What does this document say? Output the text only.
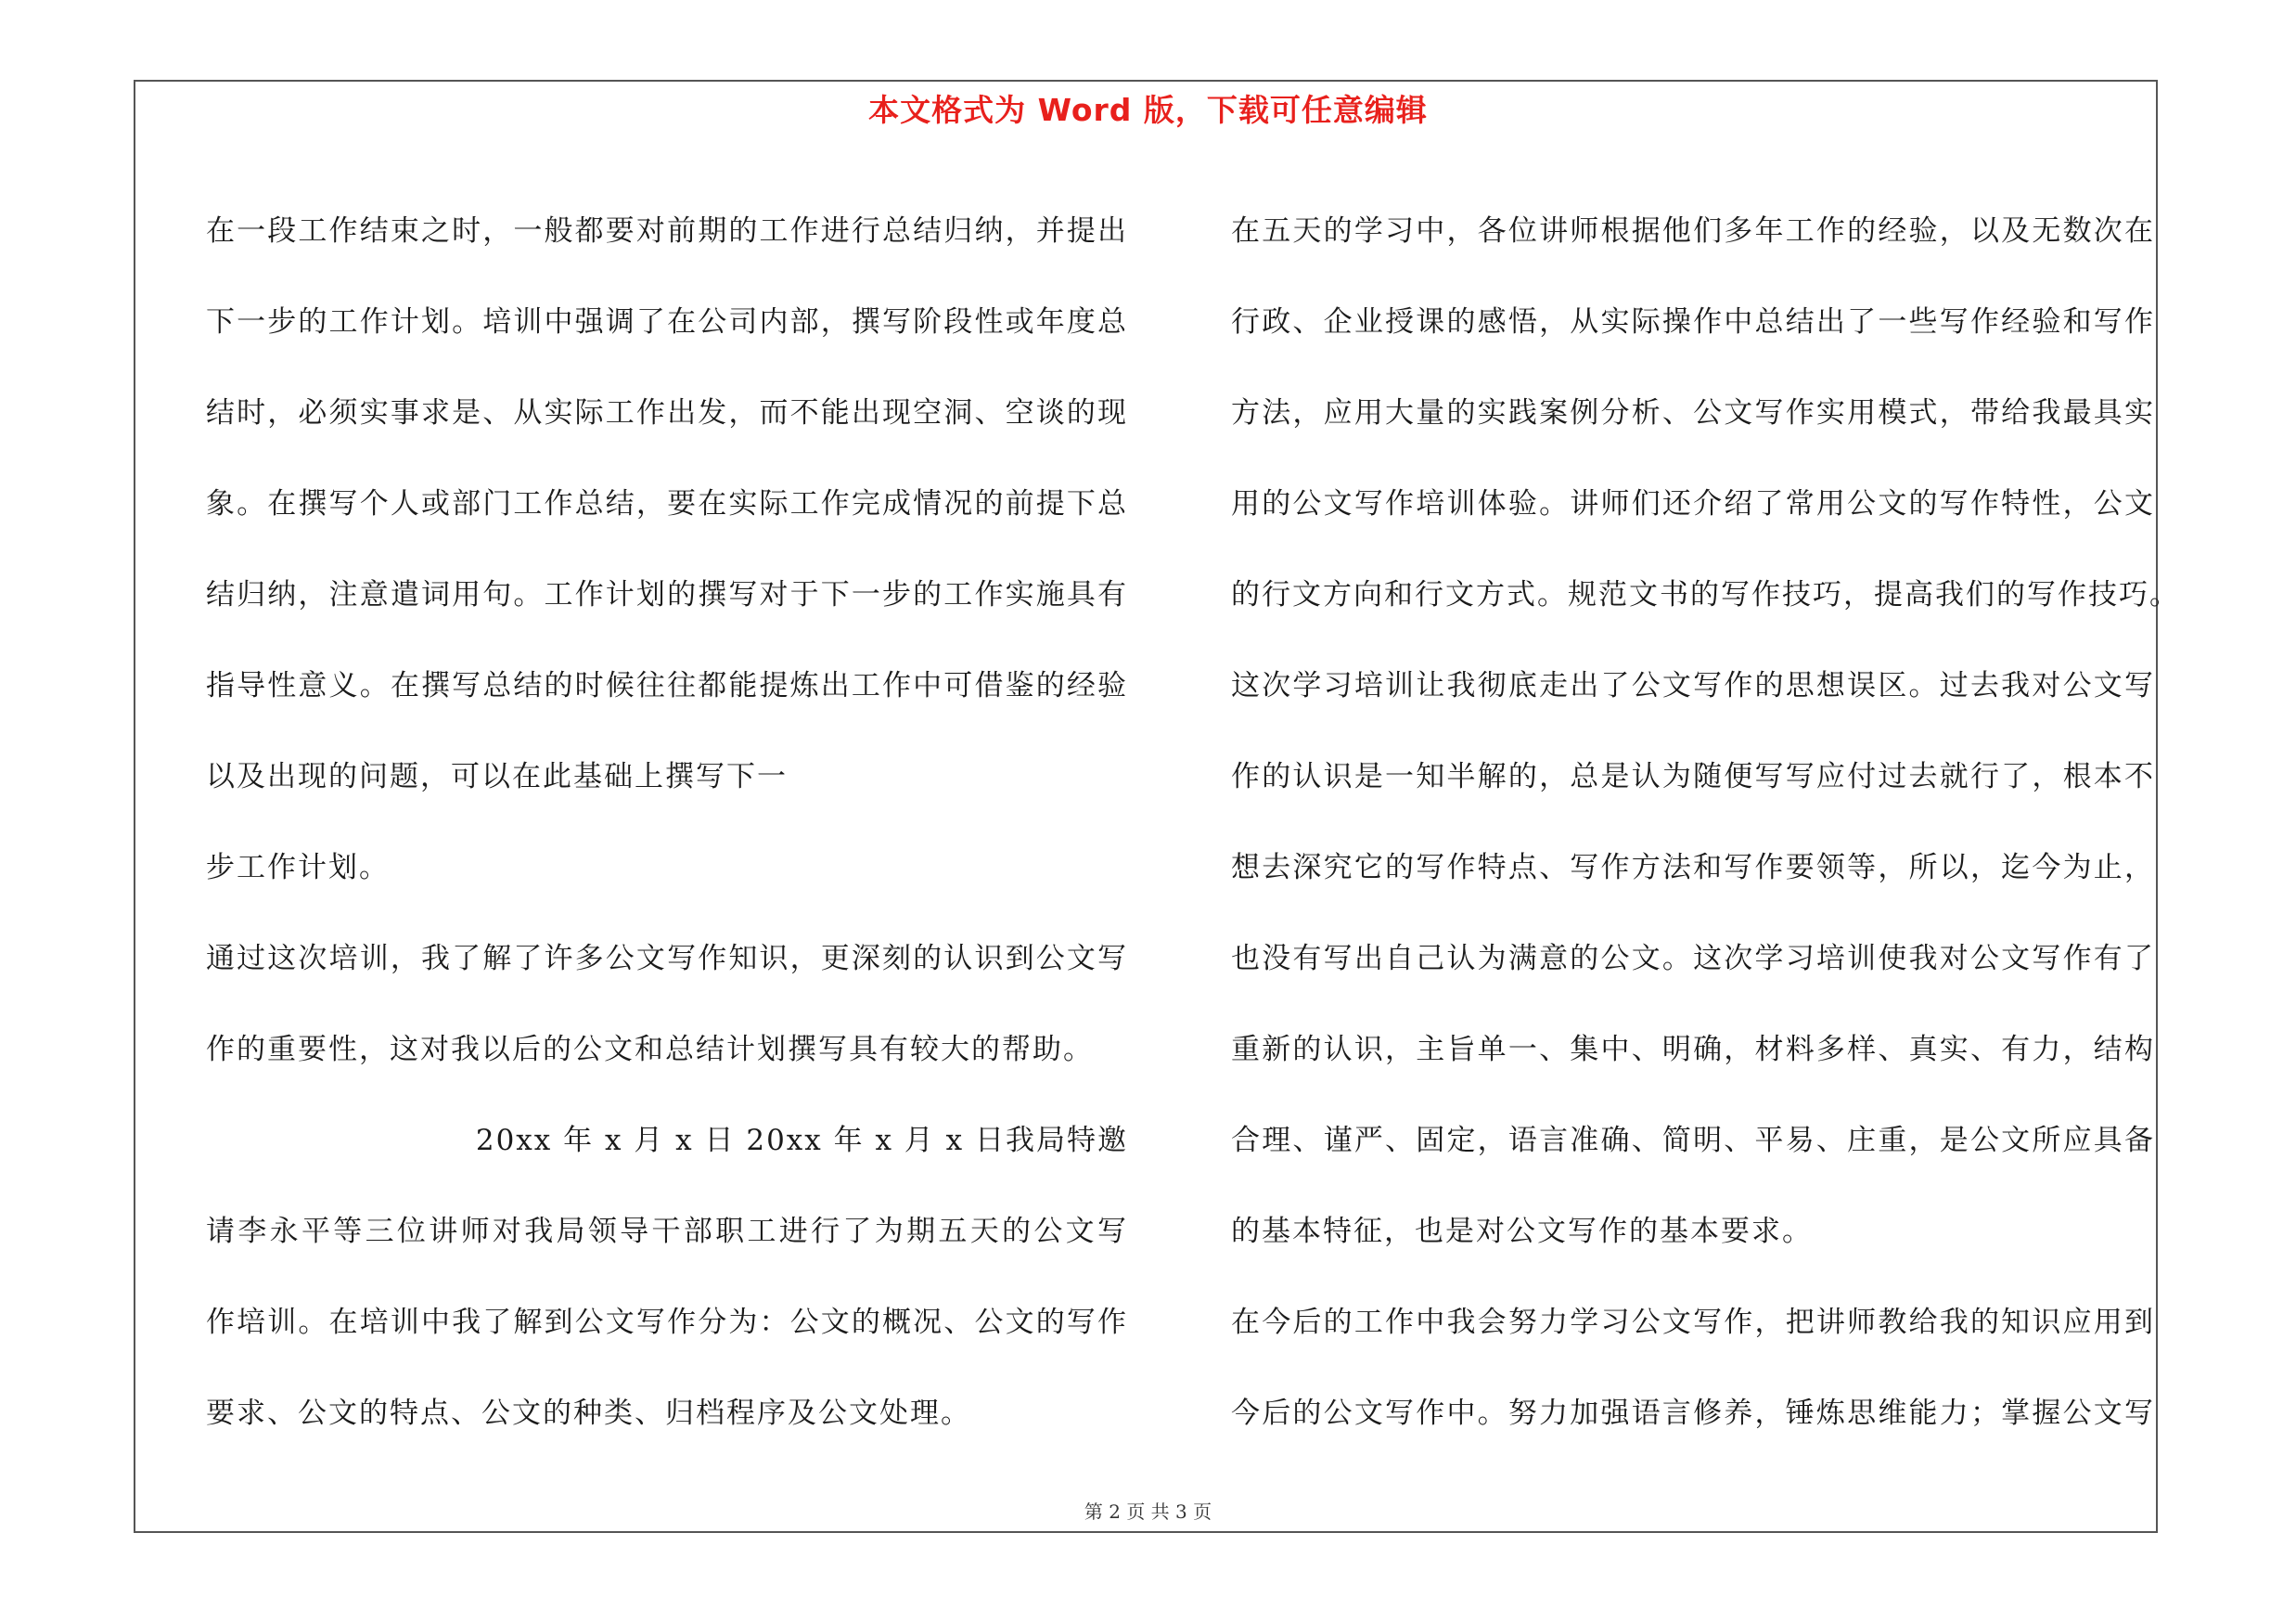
本文格式为 Word 版，下载可任意编辑
在一段工作结束之时，一般都要对前期的工作进行总结归纳，并提出
下一步的工作计划。培训中强调了在公司内部，撰写阶段性或年度总
结时，必须实事求是、从实际工作出发，而不能出现空洞、空谈的现
象。在撰写个人或部门工作总结，要在实际工作完成情况的前提下总
结归纳，注意遣词用句。工作计划的撰写对于下一步的工作实施具有
指导性意义。在撰写总结的时候往往都能提炼出工作中可借鉴的经验
以及出现的问题，可以在此基础上撰写下一
步工作计划。
通过这次培训，我了解了许多公文写作知识，更深刻的认识到公文写
作的重要性，这对我以后的公文和总结计划撰写具有较大的帮助。
20xx 年 x 月 x 日 20xx 年 x 月 x 日我局特邀
请李永平等三位讲师对我局领导干部职工进行了为期五天的公文写
作培训。在培训中我了解到公文写作分为：公文的概况、公文的写作
要求、公文的特点、公文的种类、归档程序及公文处理。
在五天的学习中，各位讲师根据他们多年工作的经验，以及无数次在
行政、企业授课的感悟，从实际操作中总结出了一些写作经验和写作
方法，应用大量的实践案例分析、公文写作实用模式，带给我最具实
用的公文写作培训体验。讲师们还介绍了常用公文的写作特性，公文
的行文方向和行文方式。规范文书的写作技巧，提高我们的写作技巧。
这次学习培训让我彻底走出了公文写作的思想误区。过去我对公文写
作的认识是一知半解的，总是认为随便写写应付过去就行了，根本不
想去深究它的写作特点、写作方法和写作要领等，所以，迄今为止，
也没有写出自己认为满意的公文。这次学习培训使我对公文写作有了
重新的认识，主旨单一、集中、明确，材料多样、真实、有力，结构
合理、谨严、固定，语言准确、简明、平易、庄重，是公文所应具备
的基本特征，也是对公文写作的基本要求。
在今后的工作中我会努力学习公文写作，把讲师教给我的知识应用到
今后的公文写作中。努力加强语言修养，锤炼思维能力；掌握公文写
第 2 页 共 3 页
